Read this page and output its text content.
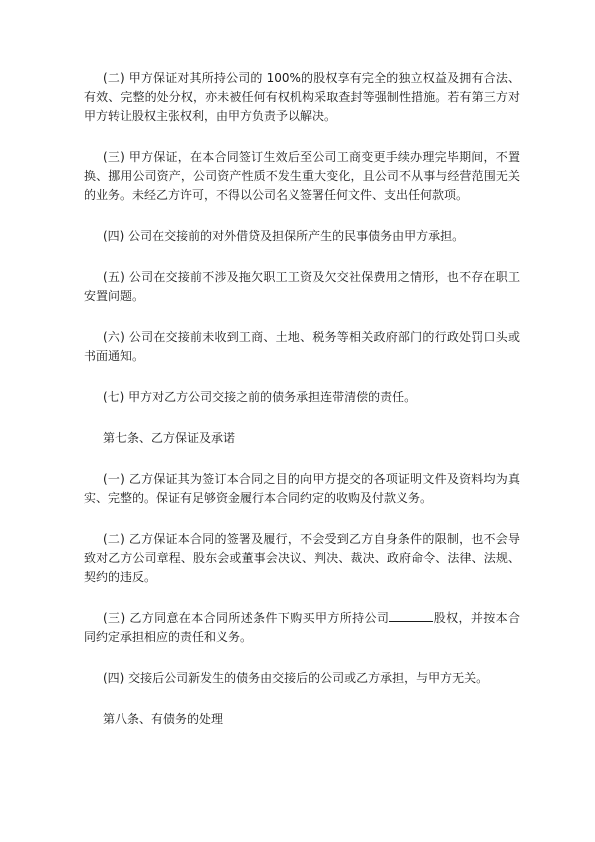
(二) 甲方保证对其所持公司的 100%的股权享有完全的独立权益及拥有合法、有效、完整的处分权，亦未被任何有权机构采取查封等强制性措施。若有第三方对甲方转让股权主张权利，由甲方负责予以解决。

(三) 甲方保证，在本合同签订生效后至公司工商变更手续办理完毕期间，不置换、挪用公司资产，公司资产性质不发生重大变化，且公司不从事与经营范围无关的业务。未经乙方许可，不得以公司名义签署任何文件、支出任何款项。

(四) 公司在交接前的对外借贷及担保所产生的民事债务由甲方承担。

(五) 公司在交接前不涉及拖欠职工工资及欠交社保费用之情形，也不存在职工安置问题。

(六) 公司在交接前未收到工商、土地、税务等相关政府部门的行政处罚口头或书面通知。

(七) 甲方对乙方公司交接之前的债务承担连带清偿的责任。

第七条、乙方保证及承诺

(一) 乙方保证其为签订本合同之目的向甲方提交的各项证明文件及资料均为真实、完整的。保证有足够资金履行本合同约定的收购及付款义务。

(二) 乙方保证本合同的签署及履行，不会受到乙方自身条件的限制，也不会导致对乙方公司章程、股东会或董事会决议、判决、裁决、政府命令、法律、法规、契约的违反。

(三) 乙方同意在本合同所述条件下购买甲方所持公司	股权，并按本合同约定承担相应的责任和义务。

(四) 交接后公司新发生的债务由交接后的公司或乙方承担，与甲方无关。

第八条、有债务的处理
